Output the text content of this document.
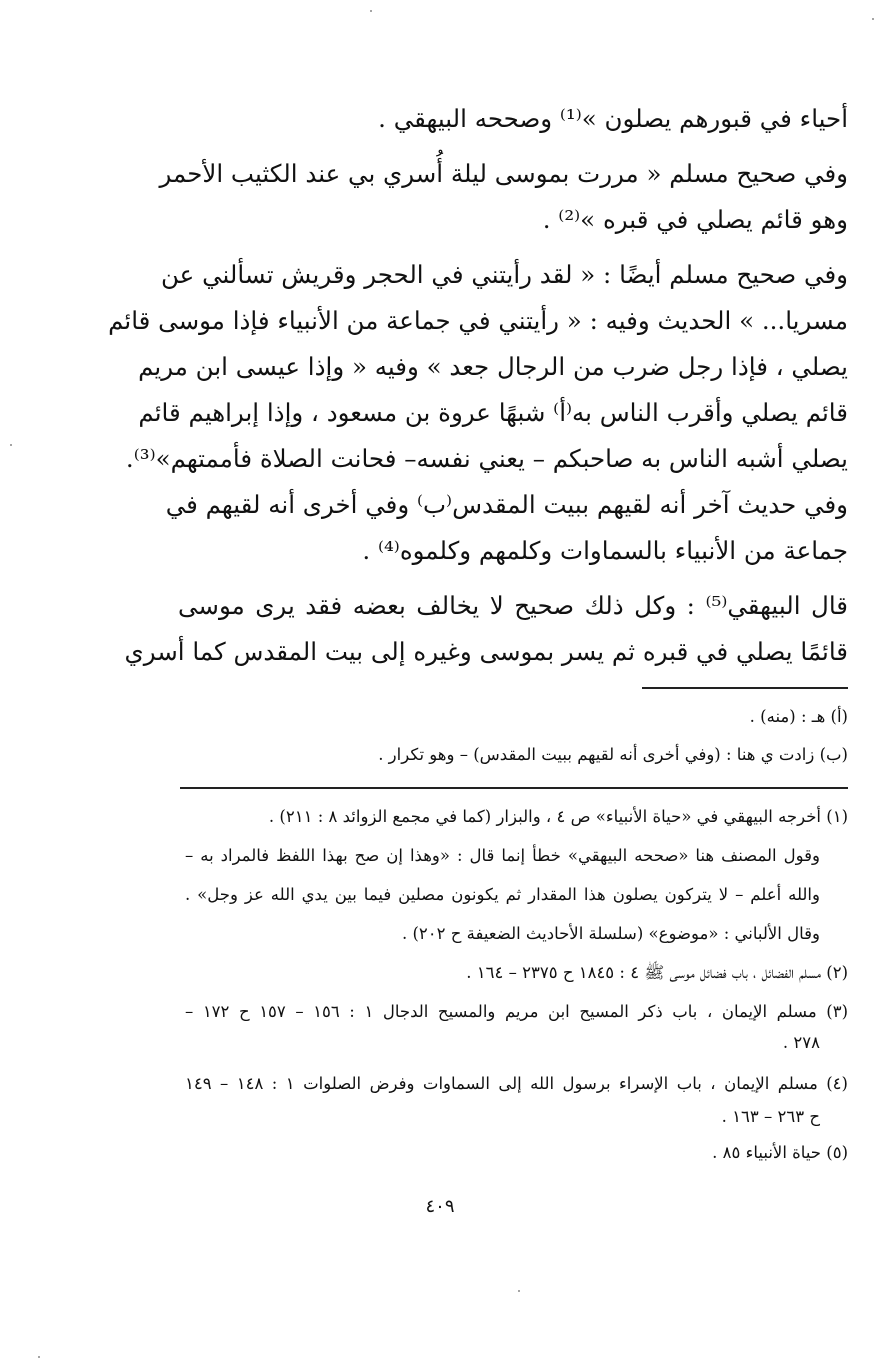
أحياء في قبورهم يصلون »⁽¹⁾ وصححه البيهقي .
وفي صحيح مسلم « مررت بموسى ليلة أُسري بي عند الكثيب الأحمر
وهو قائم يصلي في قبره »⁽²⁾ .
وفي صحيح مسلم أيضًا : « لقد رأيتني في الحجر وقريش تسألني عن
مسريا... » الحديث وفيه : « رأيتني في جماعة من الأنبياء فإذا موسى قائم
يصلي ، فإذا رجل ضرب من الرجال جعد » وفيه « وإذا عيسى ابن مريم
قائم يصلي وأقرب الناس به⁽أ⁾ شبهًا عروة بن مسعود ، وإذا إبراهيم قائم
يصلي أشبه الناس به صاحبكم – يعني نفسه– فحانت الصلاة فأممتهم»⁽³⁾.
وفي حديث آخر أنه لقيهم ببيت المقدس⁽ب⁾ وفي أخرى أنه لقيهم في
جماعة من الأنبياء بالسماوات وكلمهم وكلموه⁽⁴⁾ .
قال البيهقي⁽⁵⁾ : وكل ذلك صحيح لا يخالف بعضه فقد يرى موسى
قائمًا يصلي في قبره ثم يسر بموسى وغيره إلى بيت المقدس كما أسري
(أ) هـ : (منه) .
(ب) زادت ي هنا : (وفي أخرى أنه لقيهم ببيت المقدس) – وهو تكرار .
(١) أخرجه البيهقي في «حياة الأنبياء» ص ٤ ، والبزار (كما في مجمع الزوائد ٨ : ٢١١) .
وقول المصنف هنا «صححه البيهقي» خطأ إنما قال : «وهذا إن صح بهذا اللفظ فالمراد به –
والله أعلم – لا يتركون يصلون هذا المقدار ثم يكونون مصلين فيما بين يدي الله عز وجل» .
وقال الألباني : «موضوع» (سلسلة الأحاديث الضعيفة ح ٢٠٢) .
(٢) مسلم الفضائل ، باب فضائل موسى ﷺ ٤ : ١٨٤٥ ح ٢٣٧٥ – ١٦٤ .
(٣) مسلم الإيمان ، باب ذكر المسيح ابن مريم والمسيح الدجال ١ : ١٥٦ – ١٥٧ ح ١٧٢ –
٢٧٨ .
(٤) مسلم الإيمان ، باب الإسراء برسول الله إلى السماوات وفرض الصلوات ١ : ١٤٨ – ١٤٩
ح ٢٦٣ – ١٦٣ .
(٥) حياة الأنبياء ٨٥ .
٤٠٩
